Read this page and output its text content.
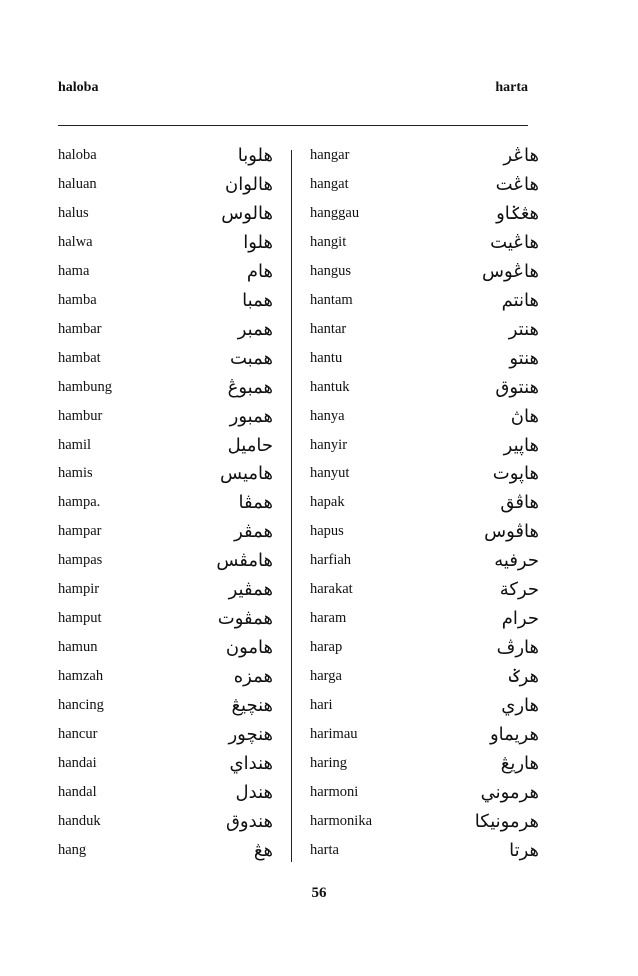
haloba	harta
haloba	هلوبا
haluan	هالوان
halus	هالوس
halwa	هلوا
hama	هام
hamba	همبا
hambar	همبر
hambat	همبت
hambung	همبوڠ
hambur	همبور
hamil	حاميل
hamis	هاميس
hampa.	همڤا
hampar	همڤر
hampas	هامڤس
hampir	همڤير
hamput	همڤوت
hamun	هامون
hamzah	همزه
hancing	هنچيڠ
hancur	هنچور
handai	هنداي
handal	هندل
handuk	هندوق
hang	هڠ
hangar	هاڠر
hangat	هاڠت
hanggau	هڠݢاو
hangit	هاڠيت
hangus	هاڠوس
hantam	هانتم
hantar	هنتر
hantu	هنتو
hantuk	هنتوق
hanya	هاڽ
hanyir	هاڽير
hanyut	هاڽوت
hapak	هاڤق
hapus	هاڤوس
harfiah	حرفيه
harakat	حركة
haram	حرام
harap	هارڤ
harga	هرݢ
hari	هاري
harimau	هريماو
haring	هاريڠ
harmoni	هرموني
harmonika	هرمونيکا
harta	هرتا
56
